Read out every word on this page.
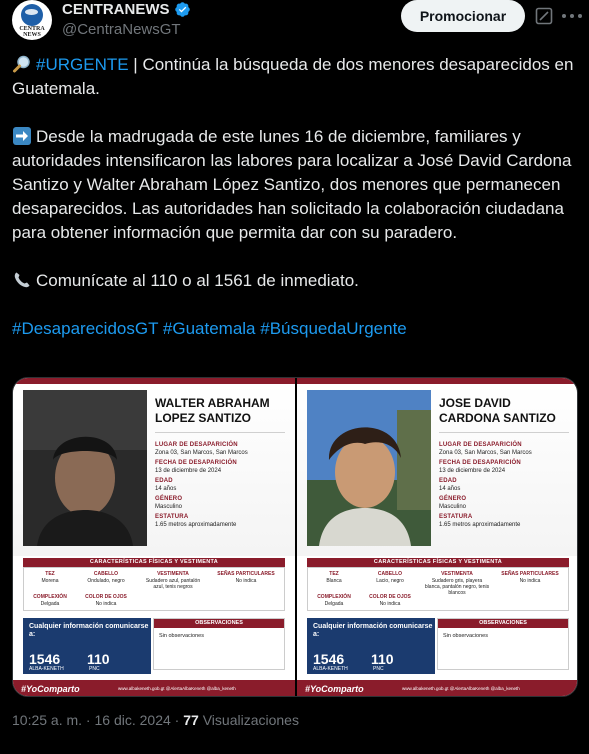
CENTRA NEWS
CENTRANEWS
@CentraNewsGT
Promocionar
#URGENTE | Continúa la búsqueda de dos menores desaparecidos en Guatemala.
Desde la madrugada de este lunes 16 de diciembre, familiares y autoridades intensificaron las labores para localizar a José David Cardona Santizo y Walter Abraham López Santizo, dos menores que permanecen desaparecidos. Las autoridades han solicitado la colaboración ciudadana para obtener información que permita dar con su paradero.
Comunícate al 110 o al 1561 de inmediato.
#DesaparecidosGT #Guatemala #BúsquedaUrgente
WALTER ABRAHAM
LOPEZ SANTIZO
LUGAR DE DESAPARICIÓN
Zona 03, San Marcos, San Marcos
FECHA DE DESAPARICIÓN
13 de diciembre de 2024
EDAD
14 años
GÉNERO
Masculino
ESTATURA
1.65 metros aproximadamente
CARACTERÍSTICAS FÍSICAS Y VESTIMENTA
TEZ
Morena
CABELLO
Ondulado, negro
VESTIMENTA
Sudadero azul, pantalón azul, tenis negros
SEÑAS PARTICULARES
No indica
COMPLEXIÓN
Delgada
COLOR DE OJOS
No indica
Cualquier información comunicarse a:
1546 110
ALBA-KENETH	PNC
OBSERVACIONES
Sin observaciones
#YoComparto	www.albakeneth.gob.gt @AlertaAlbaKeneth @alba_keneth
JOSE DAVID
CARDONA SANTIZO
LUGAR DE DESAPARICIÓN
Zona 03, San Marcos, San Marcos
FECHA DE DESAPARICIÓN
13 de diciembre de 2024
EDAD
14 años
GÉNERO
Masculino
ESTATURA
1.65 metros aproximadamente
CARACTERÍSTICAS FÍSICAS Y VESTIMENTA
TEZ
Blanca
CABELLO
Lacio, negro
VESTIMENTA
Sudadero gris, playera blanca, pantalón negro, tenis blancos
SEÑAS PARTICULARES
No indica
COMPLEXIÓN
Delgada
COLOR DE OJOS
No indica
Cualquier información comunicarse a:
1546 110
ALBA-KENETH	PNC
OBSERVACIONES
Sin observaciones
#YoComparto	www.albakeneth.gob.gt @AlertaAlbaKeneth @alba_keneth
10:25 a. m. · 16 dic. 2024 · 77 Visualizaciones
